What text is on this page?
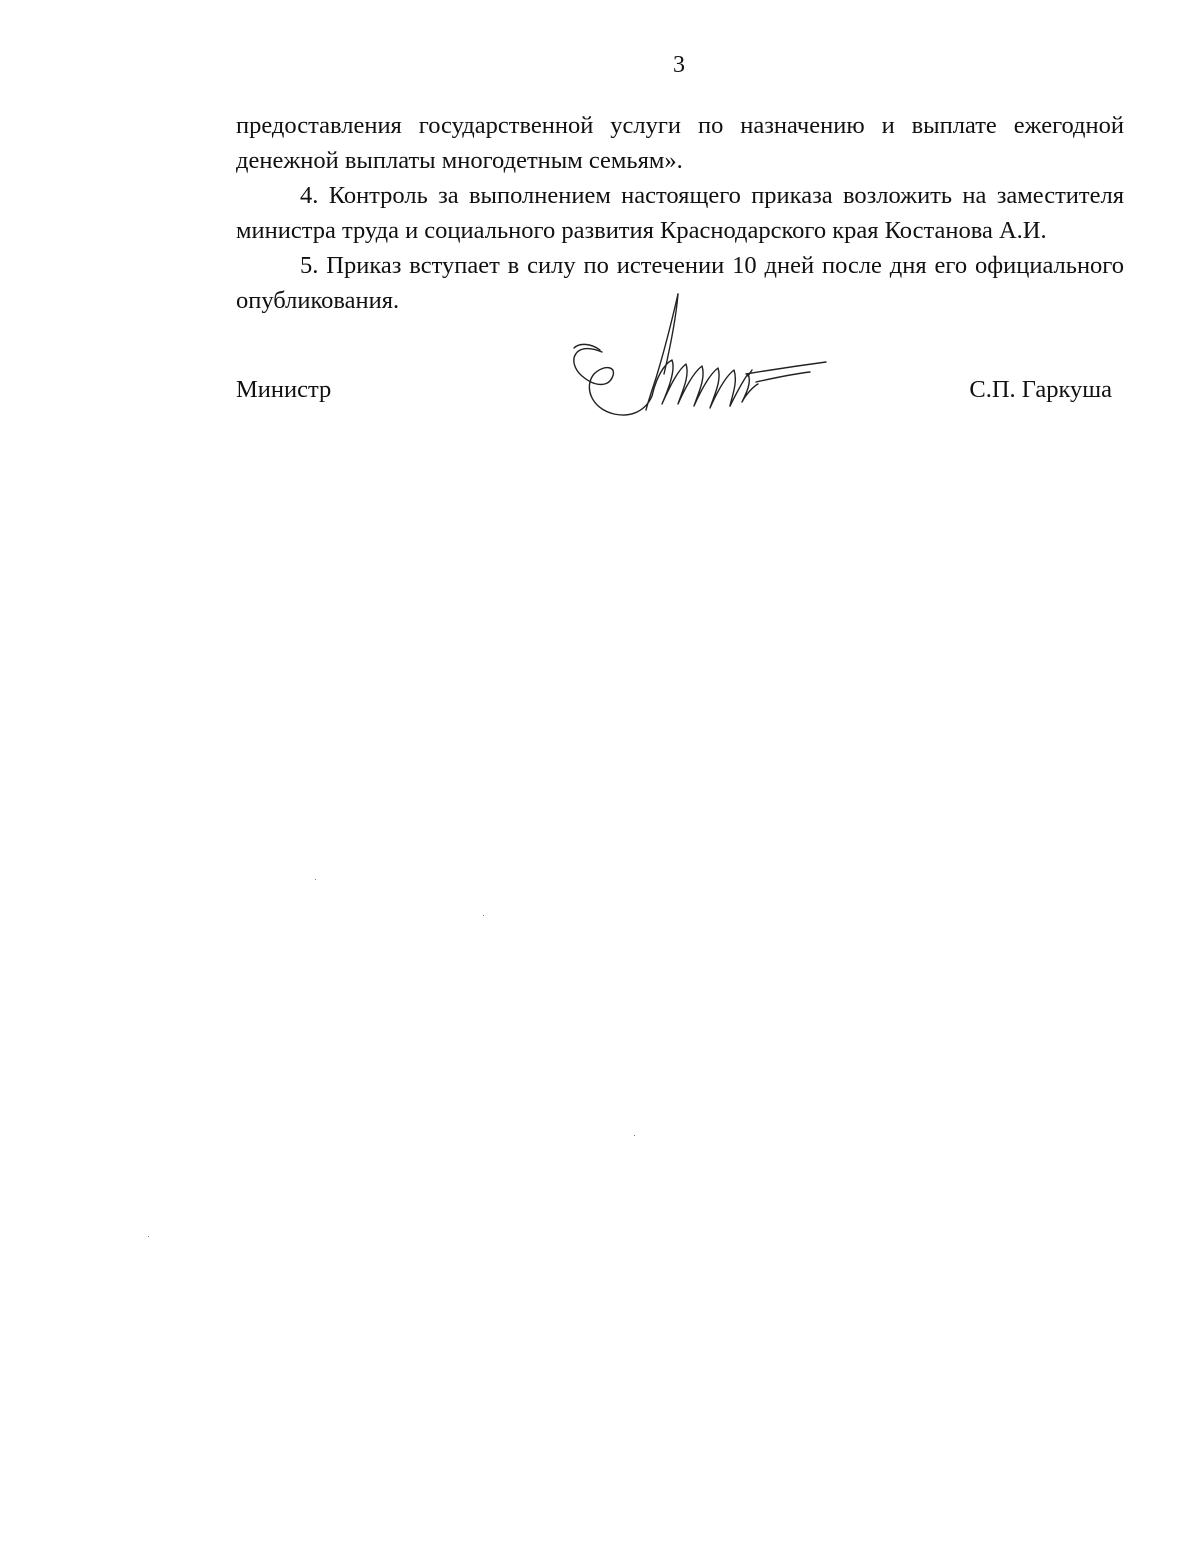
3

предоставления государственной услуги по назначению и выплате ежегодной денежной выплаты многодетным семьям».

4. Контроль за выполнением настоящего приказа возложить на заместителя министра труда и социального развития Краснодарского края Костанова А.И.

5. Приказ вступает в силу по истечении 10 дней после дня его официального опубликования.

Министр	С.П. Гаркуша
